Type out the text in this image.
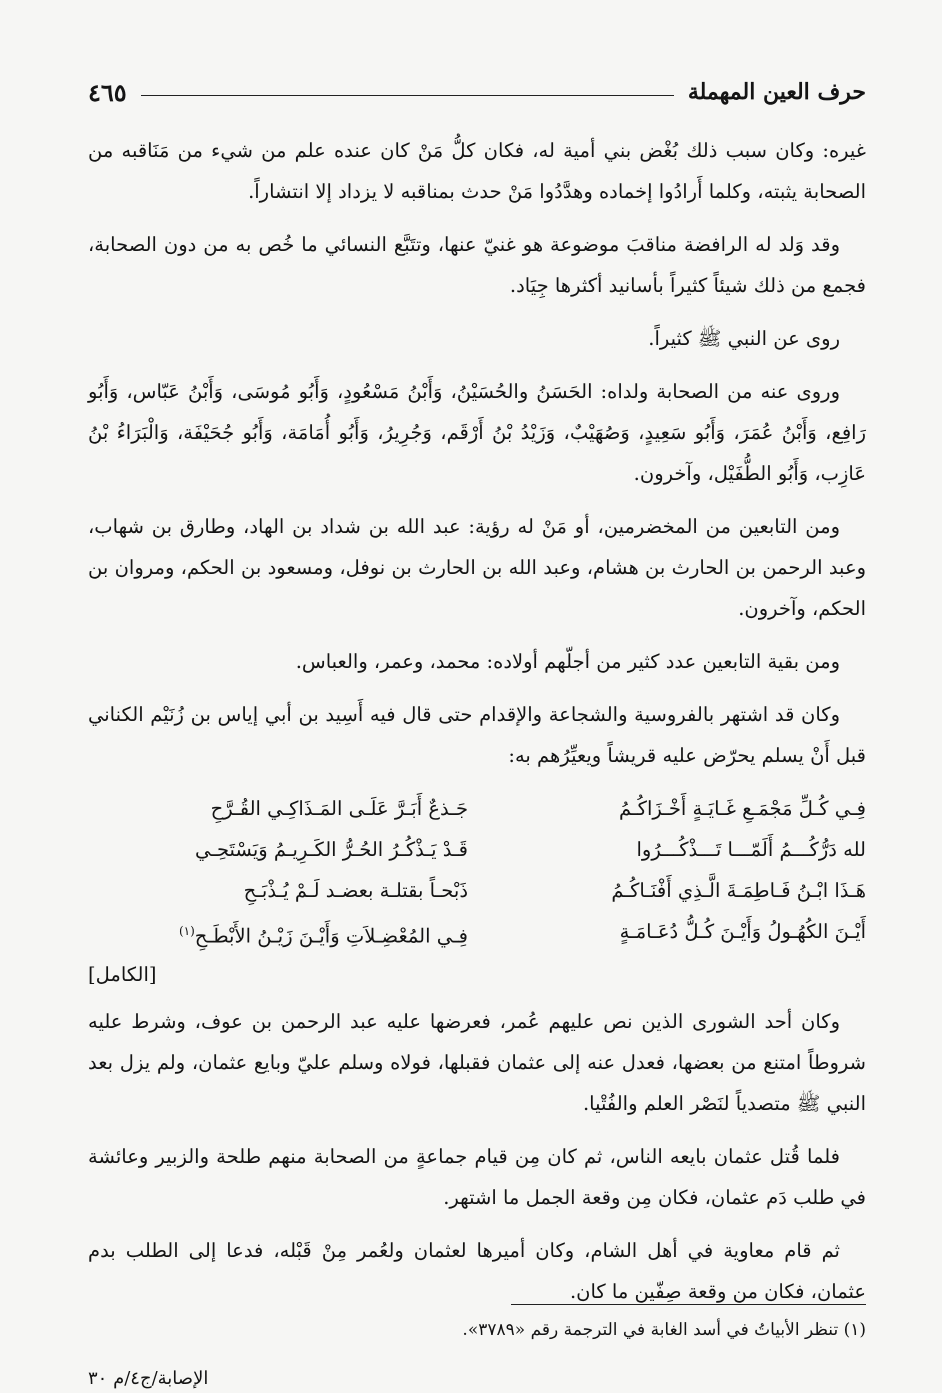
حرف العين المهملة
٤٦٥

غيره: وكان سبب ذلك بُغْض بني أمية له، فكان كلُّ مَنْ كان عنده علم من شيء من مَنَاقبه من الصحابة يثبته، وكلما أَرادُوا إخماده وهدَّدُوا مَنْ حدث بمناقبه لا يزداد إلا انتشاراً.

وقد وَلد له الرافضة مناقبَ موضوعة هو غنيّ عنها، وتتَبَّع النسائي ما خُص به من دون الصحابة، فجمع من ذلك شيئاً كثيراً بأسانيد أكثرها جِيَاد.

روى عن النبي ﷺ كثيراً.

وروى عنه من الصحابة ولداه: الحَسَنُ والحُسَيْنُ، وَأَبْنُ مَسْعُودٍ، وَأَبُو مُوسَى، وَأَبْنُ عَبّاس، وَأَبُو رَافِع، وَأَبْنُ عُمَرَ، وَأَبُو سَعِيدٍ، وَصُهَيْبٌ، وَزَيْدُ بْنُ أَرْقَم، وَجُرِيرُ، وَأَبُو أُمَامَة، وَأَبُو جُحَيْفَة، وَالْبَرَاءُ بْنُ عَازِب، وَأَبُو الطُّفَيْل، وآخرون.

ومن التابعين من المخضرمين، أو مَنْ له رؤية: عبد الله بن شداد بن الهاد، وطارق بن شهاب، وعبد الرحمن بن الحارث بن هشام، وعبد الله بن الحارث بن نوفل، ومسعود بن الحكم، ومروان بن الحكم، وآخرون.

ومن بقية التابعين عدد كثير من أجلّهم أولاده: محمد، وعمر، والعباس.

وكان قد اشتهر بالفروسية والشجاعة والإقدام حتى قال فيه أَسِيد بن أبي إياس بن زُنَيْم الكناني قبل أَنْ يسلم يحرّض عليه قريشاً ويعيِّرُهم به:

فِـي كُـلِّ مَجْمَـعِ غَـايَـةٍ أَخْـزَاكُـمُ
جَـذعٌ أَبَـرَّ عَلَـى المَـذَاكِـي القُـرَّحِ
لله دَرُّكُـــمُ أَلَمّـــا تَـــذْكُـــرُوا
قَـدْ يَـذْكُـرُ الحُـرُّ الكَـرِيـمُ وَيَسْتَحِـي
هَـذَا ابْـنُ فَـاطِمَـةَ الَّـذِي أَفْنَـاكُـمُ
ذَبْحـاً بقتلـة بعضـد لَـمْ يُـذْبَـحِ
أَيْـنَ الكُهُـولُ وَأَيْـنَ كُـلُّ دُعَـامَـةٍ
فِـي المُعْضِـلاَتِ وَأَيْـنَ زَيْـنُ الأَبْطَـحِ$^{(١)}$
[الكامل]

وكان أحد الشورى الذين نص عليهم عُمر، فعرضها عليه عبد الرحمن بن عوف، وشرط عليه شروطاً امتنع من بعضها، فعدل عنه إلى عثمان فقبلها، فولاه وسلم عليّ وبايع عثمان، ولم يزل بعد النبي ﷺ متصدياً لنَصْر العلم والفُتْيا.

فلما قُتل عثمان بايعه الناس، ثم كان مِن قيام جماعةٍ من الصحابة منهم طلحة والزبير وعائشة في طلب دَم عثمان، فكان مِن وقعة الجمل ما اشتهر.

ثم قام معاوية في أهل الشام، وكان أميرها لعثمان ولعُمر مِنْ قَبْله، فدعا إلى الطلب بدم عثمان، فكان من وقعة صِفّين ما كان.

(١) تنظر الأبياتُ في أسد الغابة في الترجمة رقم «٣٧٨٩».
الإصابة/ج٤/م ٣٠
